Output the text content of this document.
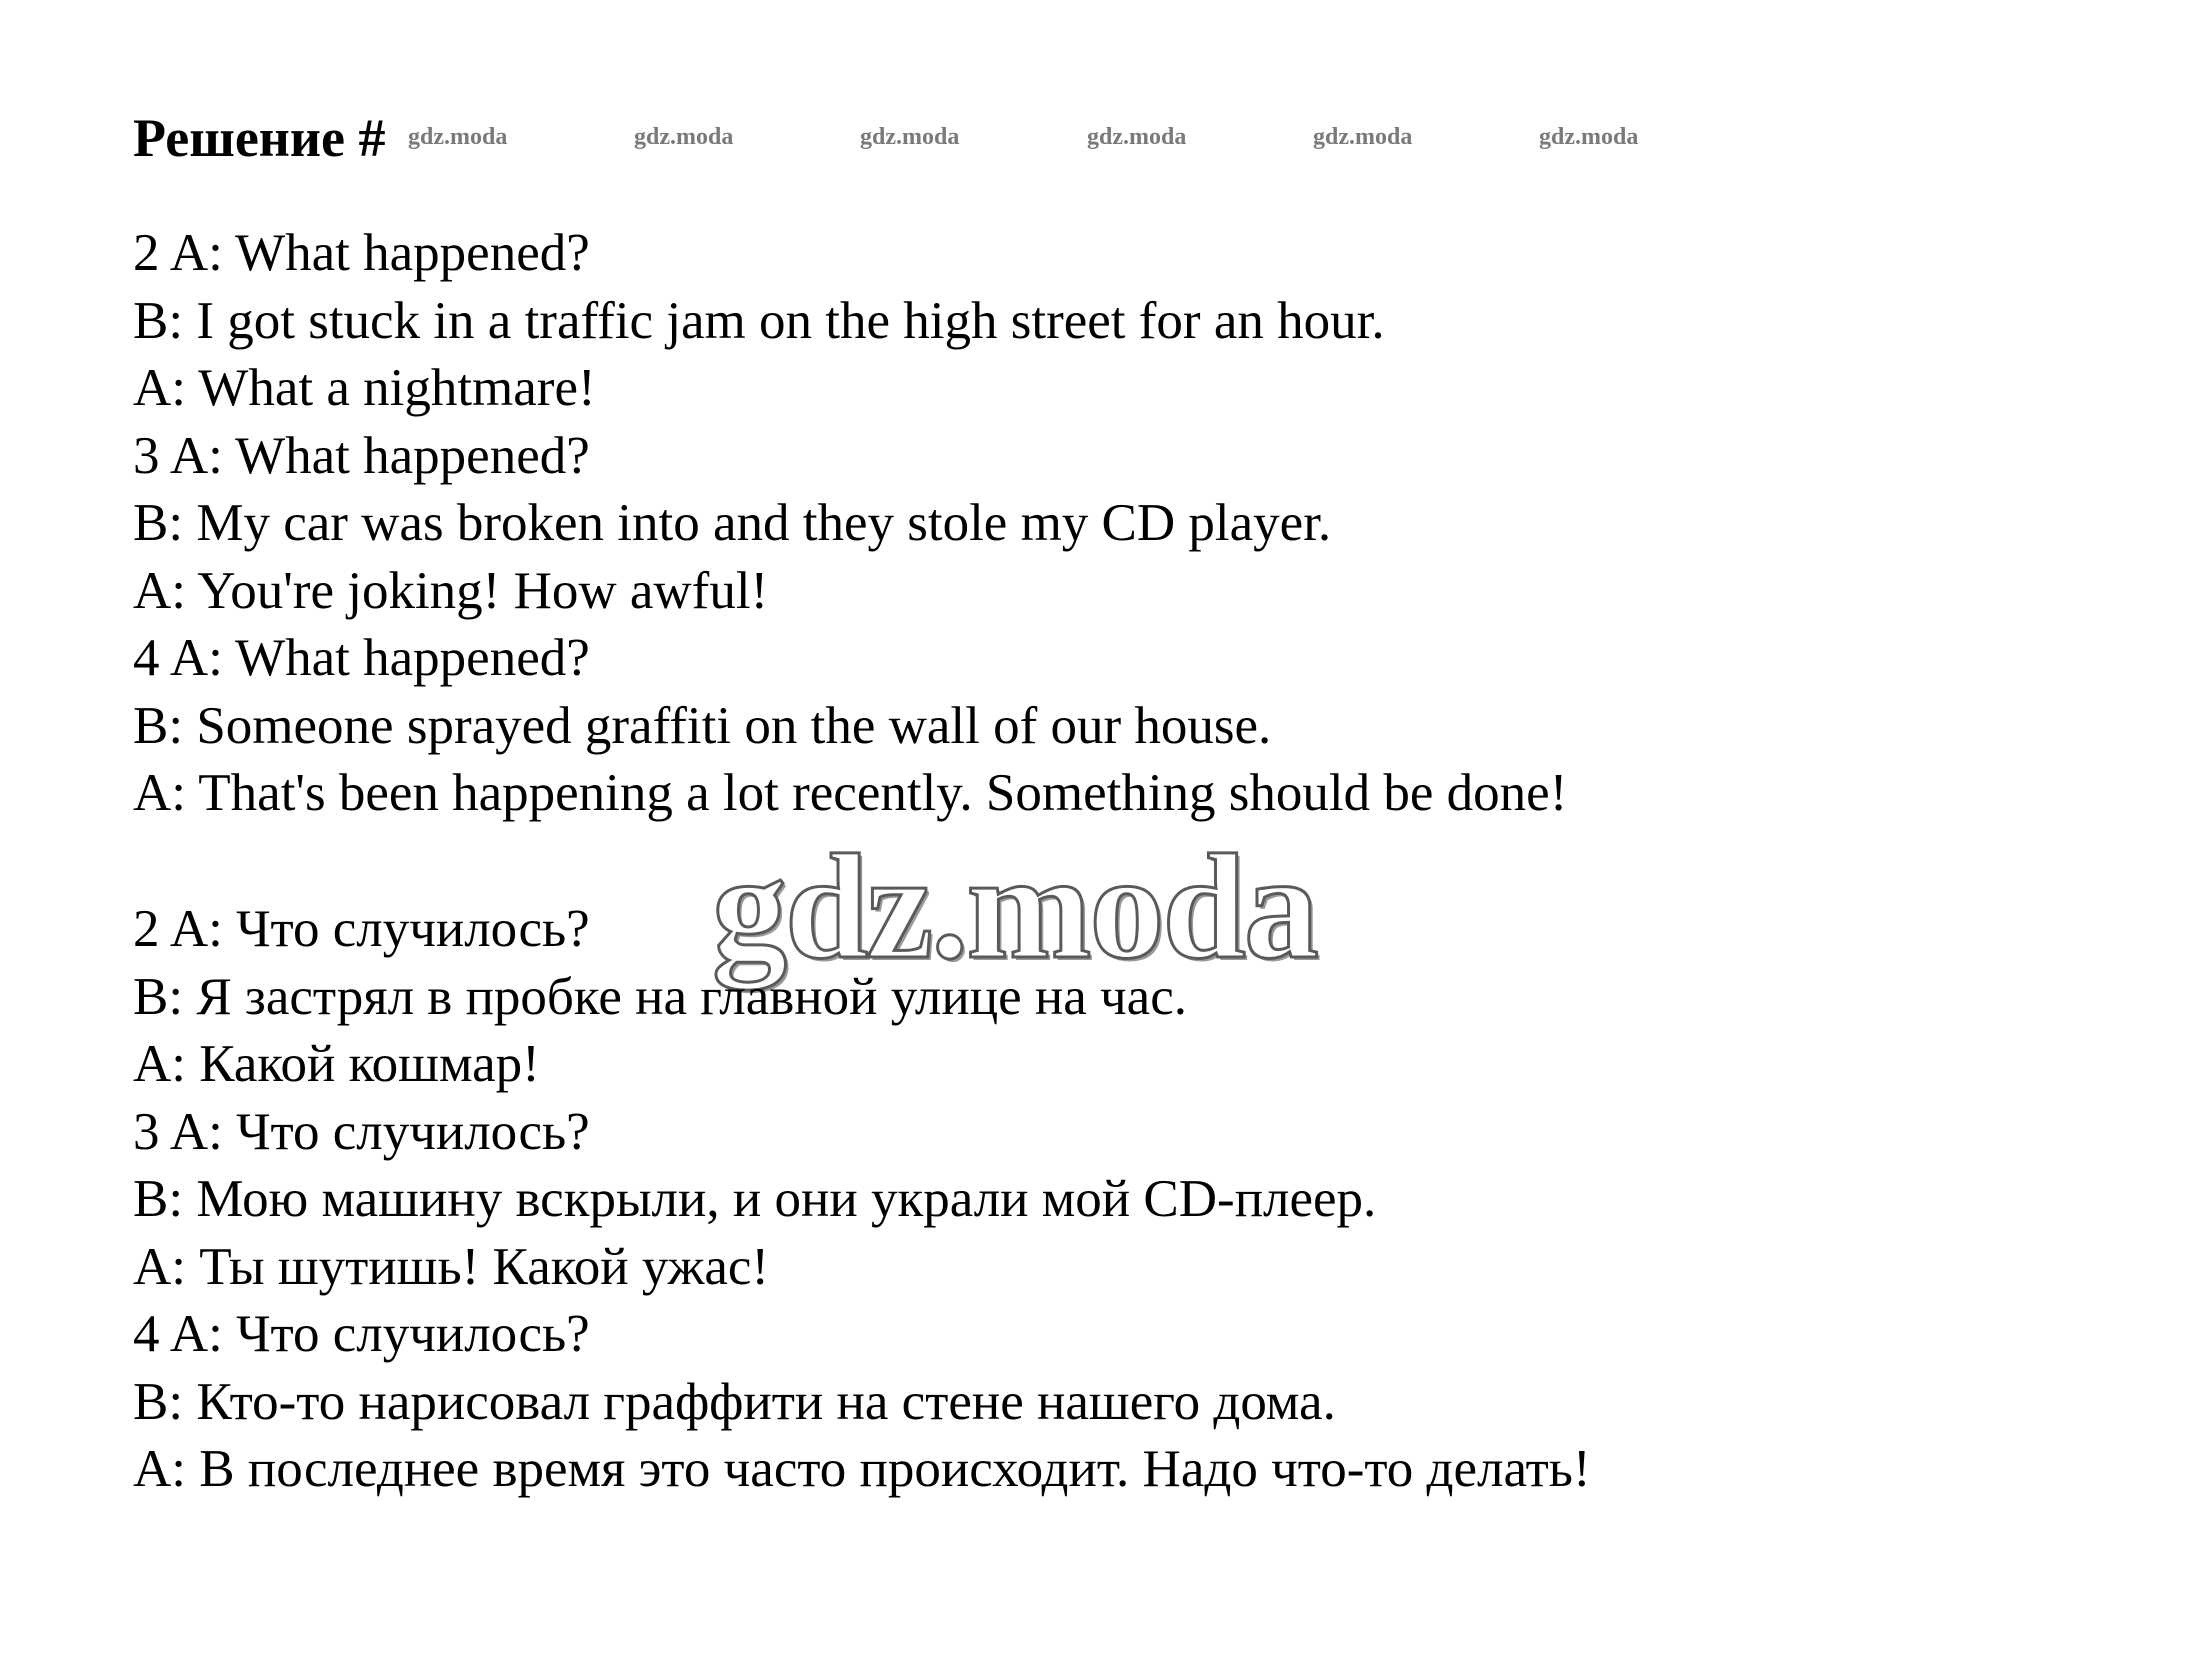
Решение # gdz.moda	gdz.moda	gdz.moda	gdz.moda	gdz.moda	gdz.moda
2 A: What happened?
B: I got stuck in a traffic jam on the high street for an hour.
A: What a nightmare!
3 A: What happened?
B: My car was broken into and they stole my CD player.
A: You're joking! How awful!
4 A: What happened?
B: Someone sprayed graffiti on the wall of our house.
A: That's been happening a lot recently. Something should be done!
gdz.moda
2 A: Что случилось?
B: Я застрял в пробке на главной улице на час.
A: Какой кошмар!
3 A: Что случилось?
B: Мою машину вскрыли, и они украли мой CD-плеер.
A: Ты шутишь! Какой ужас!
4 A: Что случилось?
B: Кто-то нарисовал граффити на стене нашего дома.
A: В последнее время это часто происходит. Надо что-то делать!
